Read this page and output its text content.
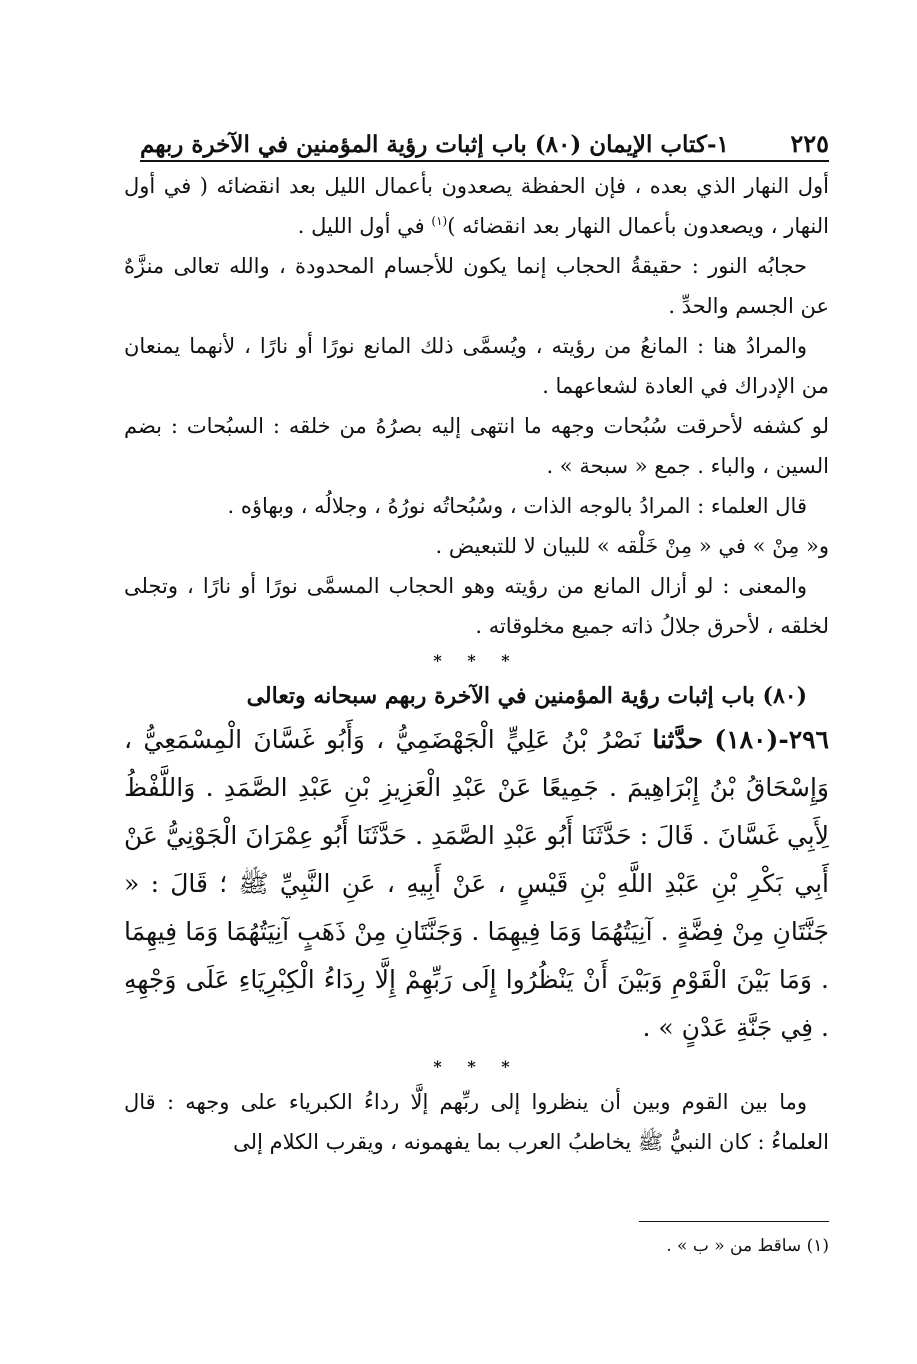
١-كتاب الإيمان (٨٠) باب إثبات رؤية المؤمنين في الآخرة ربهم	٢٢٥

أول النهار الذي بعده ، فإن الحفظة يصعدون بأعمال الليل بعد انقضائه ( في أول النهار ، ويصعدون بأعمال النهار بعد انقضائه )$^{(١)}$ في أول الليل .

حجابُه النور : حقيقةُ الحجاب إنما يكون للأجسام المحدودة ، والله تعالى منزَّهٌ عن الجسم والحدِّ .

والمرادُ هنا : المانعُ من رؤيته ، ويُسمَّى ذلك المانع نورًا أو نارًا ، لأنهما يمنعان من الإدراك في العادة لشعاعهما .

لو كشفه لأحرقت سُبُحات وجهه ما انتهى إليه بصرُهُ من خلقه : السبُحات : بضم السين ، والباء . جمع « سبحة » .

قال العلماء : المرادُ بالوجه الذات ، وسُبُحاتُه نورُهُ ، وجلالُه ، وبهاؤه .

و« مِنْ » في « مِنْ خَلْقه » للبيان لا للتبعيض .

والمعنى : لو أزال المانع من رؤيته وهو الحجاب المسمَّى نورًا أو نارًا ، وتجلى لخلقه ، لأحرق جلالُ ذاته جميع مخلوقاته .

* * *

(٨٠) باب إثبات رؤية المؤمنين في الآخرة ربهم سبحانه وتعالى

٢٩٦-(١٨٠) حدَّثنا نَصْرُ بْنُ عَلِيٍّ الْجَهْضَمِيُّ ، وَأَبُو غَسَّانَ الْمِسْمَعِيُّ ، وَإِسْحَاقُ بْنُ إِبْرَاهِيمَ . جَمِيعًا عَنْ عَبْدِ الْعَزِيزِ بْنِ عَبْدِ الصَّمَدِ . وَاللَّفْظُ لِأَبِي غَسَّانَ . قَالَ : حَدَّثَنَا أَبُو عَبْدِ الصَّمَدِ . حَدَّثَنَا أَبُو عِمْرَانَ الْجَوْنِيُّ عَنْ أَبِي بَكْرِ بْنِ عَبْدِ اللَّهِ بْنِ قَيْسٍ ، عَنْ أَبِيهِ ، عَنِ النَّبِيِّ ﷺ ؛ قَالَ : « جَنَّتَانِ مِنْ فِضَّةٍ . آنِيَتُهُمَا وَمَا فِيهِمَا . وَجَنَّتَانِ مِنْ ذَهَبٍ آنِيَتُهُمَا وَمَا فِيهِمَا . وَمَا بَيْنَ الْقَوْمِ وَبَيْنَ أَنْ يَنْظُرُوا إِلَى رَبِّهِمْ إِلَّا رِدَاءُ الْكِبْرِيَاءِ عَلَى وَجْهِهِ . فِي جَنَّةِ عَدْنٍ » .

* * *

وما بين القوم وبين أن ينظروا إلى ربِّهم إلَّا رداءُ الكبرياء على وجهه : قال العلماءُ : كان النبيُّ ﷺ يخاطبُ العرب بما يفهمونه ، ويقرب الكلام إلى

(١) ساقط من « ب » .
